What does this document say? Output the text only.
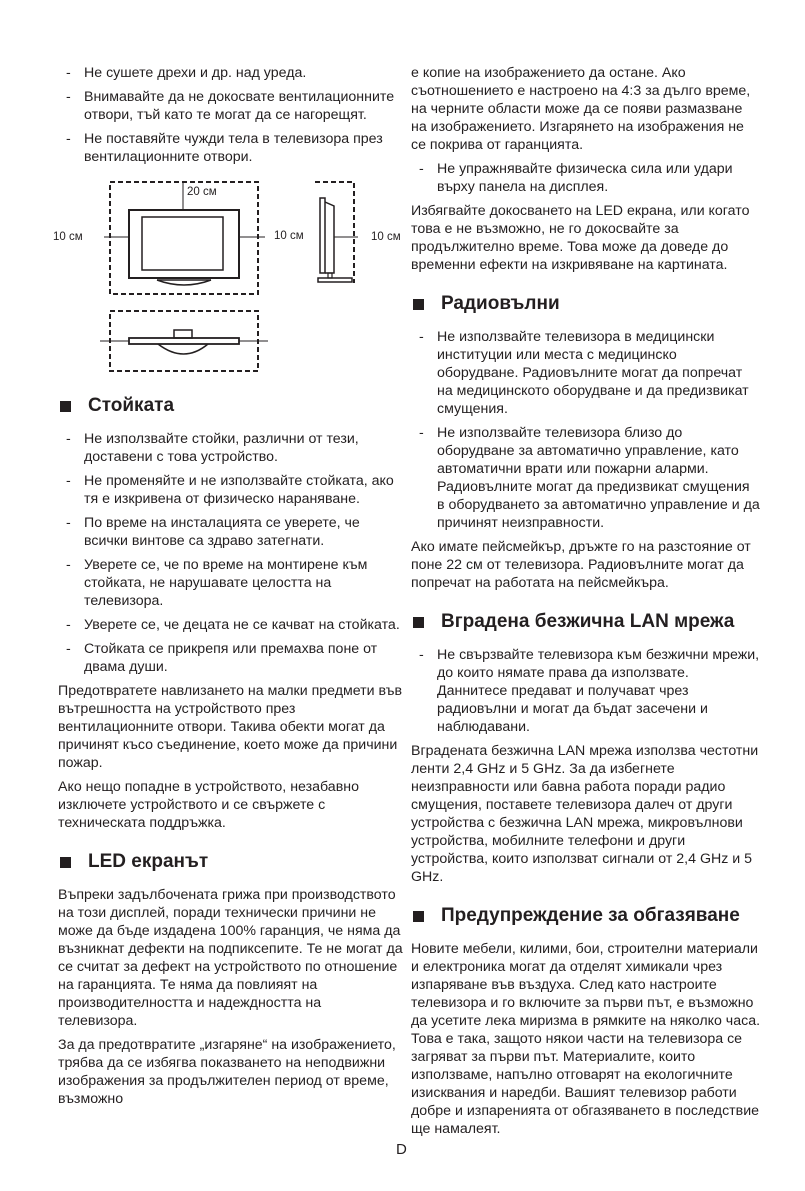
- Не сушете дрехи и др. над уреда.
- Внимавайте да не докосвате вентилационните отвори, тъй като те могат да се нагорещят.
- Не поставяйте чужди тела в телевизора през вентилационните отвори.
20 см
10 см	10 см	10 см
Стойката
- Не използвайте стойки, различни от тези, доставени с това устройство.
- Не променяйте и не използвайте стойката, ако тя е изкривена от физическо нараняване.
- По време на инсталацията се уверете, че всички винтове са здраво затегнати.
- Уверете се, че по време на монтирене към стойката, не нарушавате целостта на телевизора.
- Уверете се, че децата не се качват на стойката.
- Стойката се прикрепя или премахва поне от двама души.

Предотвратете навлизането на малки предмети във вътрешността на устройството през вентилационните отвори. Такива обекти могат да причинят късо съединение, което може да причини пожар.

Ако нещо попадне в устройството, незабавно изключете устройството и се свържете с техническата поддръжка.

LED екранът

Въпреки задълбочената грижа при производството на този дисплей, поради технически причини не може да бъде издадена 100% гаранция, че няма да възникнат дефекти на подпиксепите. Те не могат да се считат за дефект на устройството по отношение на гаранцията. Те няма да повлияят на производителността и надеждността на телевизора.

За да предотвратите „изгаряне“ на изображението, трябва да се избягва показването на неподвижни изображения за продължителен период от време, възможно

е копие на изображението да остане. Ако съотношението е настроено на 4:3 за дълго време, на черните области може да се появи размазване на изображението. Изгарянето на изображения не се покрива от гаранцията.

- Не упражнявайте физическа сила или удари върху панела на дисплея.

Избягвайте докосването на LED екрана, или когато това е не възможно, не го докосвайте за продължително време. Това може да доведе до временни ефекти на изкривяване на картината.

Радиовълни
- Не използвайте телевизора в медицински институции или места с медицинско оборудване. Радиовълните могат да попречат на медицинското оборудване и да предизвикат смущения.
- Не използвайте телевизора близо до оборудване за автоматично управление, като автоматични врати или пожарни аларми. Радиовълните могат да предизвикат смущения в оборудването за автоматично управление и да причинят неизправности.

Ако имате пейсмейкър, дръжте го на разстояние от поне 22 см от телевизора. Радиовълните могат да попречат на работата на пейсмейкъра.

Вградена безжична LAN мрежа
- Не свързвайте телевизора към безжични мрежи, до които нямате права да използвате. Даннитесе предават и получават чрез радиовълни и могат да бъдат засечени и наблюдавани.

Вградената безжична LAN мрежа използва честотни ленти 2,4 GHz и 5 GHz. За да избегнете неизправности или бавна работа поради радио смущения, поставете телевизора далеч от други устройства с безжична LAN мрежа, микровълнови устройства, мобилните телефони и други устройства, които използват сигнали от 2,4 GHz и 5 GHz.

Предупреждение за обгазяване

Новите мебели, килими, бои, строителни материали и електроника могат да отделят химикали чрез изпаряване във въздуха. След като настроите телевизора и го включите за първи път, е възможно да усетите лека миризма в рямките на няколко часа. Това е така, защото някои части на телевизора се загряват за първи път. Материалите, които използваме, напълно отговарят на екологичните изисквания и наредби. Вашият телевизор работи добре и изпаренията от обгазяването в последствие ще намалеят.

D
